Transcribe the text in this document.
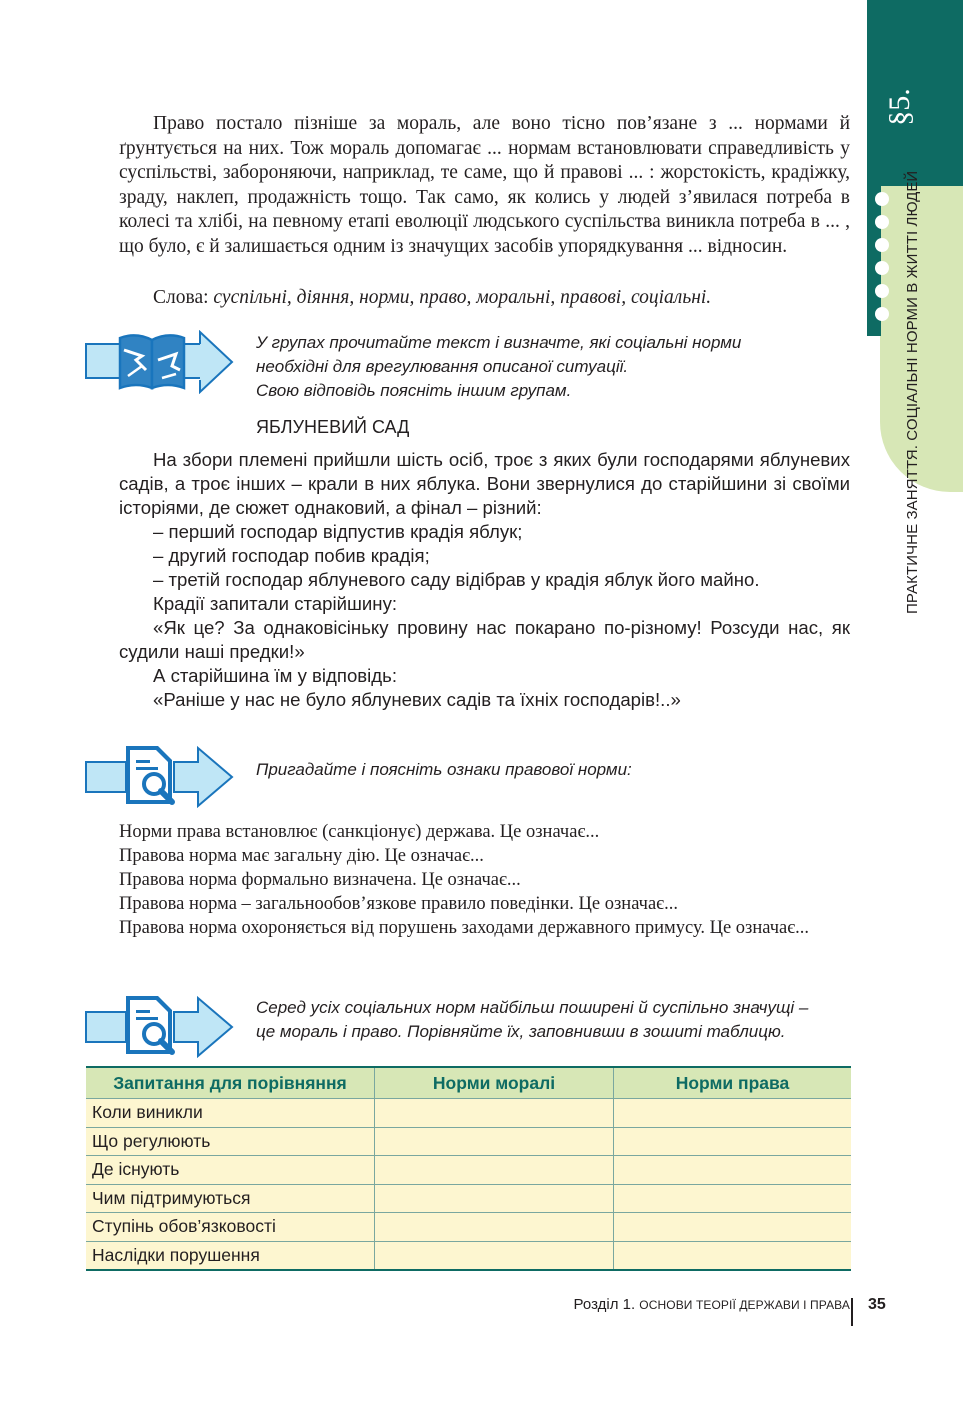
§5.
ПРАКТИЧНЕ ЗАНЯТТЯ. СОЦІАЛЬНІ НОРМИ В ЖИТТІ ЛЮДЕЙ

Право постало пізніше за мораль, але воно тісно пов’язане з ... нормами й ґрунтується на них. Тож мораль допомагає ... нормам встановлювати справедливість у суспільстві, забороняючи, наприклад, те саме, що й правові ... : жорстокість, крадіжку, зраду, наклеп, продажність тощо. Так само, як колись у людей з’явилася потреба в колесі та хлібі, на певному етапі еволюції людського суспільства виникла потреба в ... , що було, є й залишається одним із значущих засобів упорядкування ... відносин.

Слова: суспільні, діяння, норми, право, моральні, правові, соціальні.

У групах прочитайте текст і визначте, які соціальні норми
необхідні для врегулювання описаної ситуації.
Свою відповідь поясніть іншим групам.
ЯБЛУНЕВИЙ САД
На збори племені прийшли шість осіб, троє з яких були господарями яблуневих садів, а троє інших – крали в них яблука. Вони звернулися до старійшини зі своїми історіями, де сюжет однаковий, а фінал – різний:
– перший господар відпустив крадія яблук;
– другий господар побив крадія;
– третій господар яблуневого саду відібрав у крадія яблук його майно.
Крадії запитали старійшину:
«Як це? За однаковісіньку провину нас покарано по-різному! Розсуди нас, як судили наші предки!»
А старійшина їм у відповідь:
«Раніше у нас не було яблуневих садів та їхніх господарів!..»
Пригадайте і поясніть ознаки правової норми:
Норми права встановлює (санкціонує) держава. Це означає...
Правова норма має загальну дію. Це означає...
Правова норма формально визначена. Це означає...
Правова норма – загальнообов’язкове правило поведінки. Це означає...
Правова норма охороняється від порушень заходами державного примусу. Це означає...
Серед усіх соціальних норм найбільш поширені й суспільно значущі –
це мораль і право. Порівняйте їх, заповнивши в зошиті таблицю.
Запитання для порівняння	Норми моралі	Норми права
Коли виникли		
Що регулюють		
Де існують		
Чим підтримуються		
Ступінь обов’язковості		
Наслідки порушення		
Розділ 1. ОСНОВИ ТЕОРІЇ ДЕРЖАВИ І ПРАВА 35
